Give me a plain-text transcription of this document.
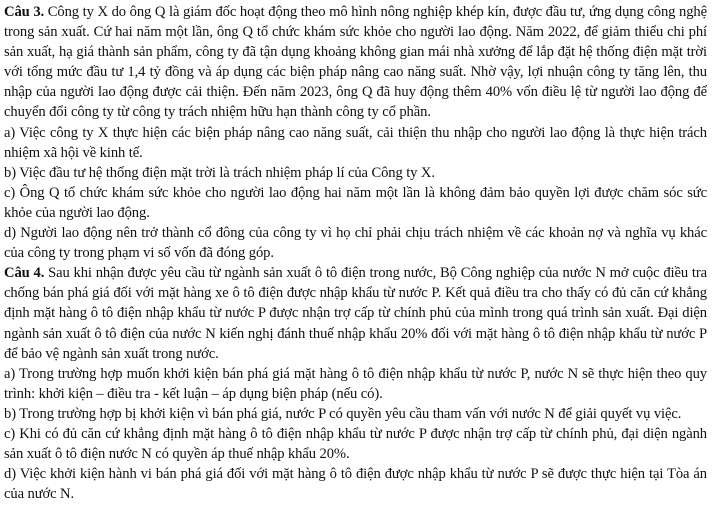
Câu 3. Công ty X do ông Q là giám đốc hoạt động theo mô hình nông nghiệp khép kín, được đầu tư, ứng dụng công nghệ trong sản xuất. Cứ hai năm một lần, ông Q tổ chức khám sức khỏe cho người lao động. Năm 2022, để giảm thiểu chi phí sản xuất, hạ giá thành sản phẩm, công ty đã tận dụng khoảng không gian mái nhà xưởng để lắp đặt hệ thống điện mặt trời với tổng mức đầu tư 1,4 tỷ đồng và áp dụng các biện pháp nâng cao năng suất. Nhờ vậy, lợi nhuận công ty tăng lên, thu nhập của người lao động được cải thiện. Đến năm 2023, ông Q đã huy động thêm 40% vốn điều lệ từ người lao động để chuyển đổi công ty từ công ty trách nhiệm hữu hạn thành công ty cổ phần.

a) Việc công ty X thực hiện các biện pháp nâng cao năng suất, cải thiện thu nhập cho người lao động là thực hiện trách nhiệm xã hội về kinh tế.

b) Việc đầu tư hệ thống điện mặt trời là trách nhiệm pháp lí của Công ty X.

c) Ông Q tổ chức khám sức khỏe cho người lao động hai năm một lần là không đảm bảo quyền lợi được chăm sóc sức khỏe của người lao động.

d) Người lao động nên trở thành cổ đông của công ty vì họ chỉ phải chịu trách nhiệm về các khoản nợ và nghĩa vụ khác của công ty trong phạm vi số vốn đã đóng góp.

Câu 4. Sau khi nhận được yêu cầu từ ngành sản xuất ô tô điện trong nước, Bộ Công nghiệp của nước N mở cuộc điều tra chống bán phá giá đối với mặt hàng xe ô tô điện được nhập khẩu từ nước P. Kết quả điều tra cho thấy có đủ căn cứ khẳng định mặt hàng ô tô điện nhập khẩu từ nước P được nhận trợ cấp từ chính phủ của mình trong quá trình sản xuất. Đại diện ngành sản xuất ô tô điện của nước N kiến nghị đánh thuế nhập khẩu 20% đối với mặt hàng ô tô điện nhập khẩu từ nước P để bảo vệ ngành sản xuất trong nước.

a) Trong trường hợp muốn khởi kiện bán phá giá mặt hàng ô tô điện nhập khẩu từ nước P, nước N sẽ thực hiện theo quy trình: khởi kiện – điều tra - kết luận – áp dụng biện pháp (nếu có).

b) Trong trường hợp bị khởi kiện vì bán phá giá, nước P có quyền yêu cầu tham vấn với nước N để giải quyết vụ việc.

c) Khi có đủ căn cứ khẳng định mặt hàng ô tô điện nhập khẩu từ nước P được nhận trợ cấp từ chính phủ, đại diện ngành sản xuất ô tô điện nước N có quyền áp thuế nhập khẩu 20%.

d) Việc khởi kiện hành vi bán phá giá đối với mặt hàng ô tô điện được nhập khẩu từ nước P sẽ được thực hiện tại Tòa án của nước N.
